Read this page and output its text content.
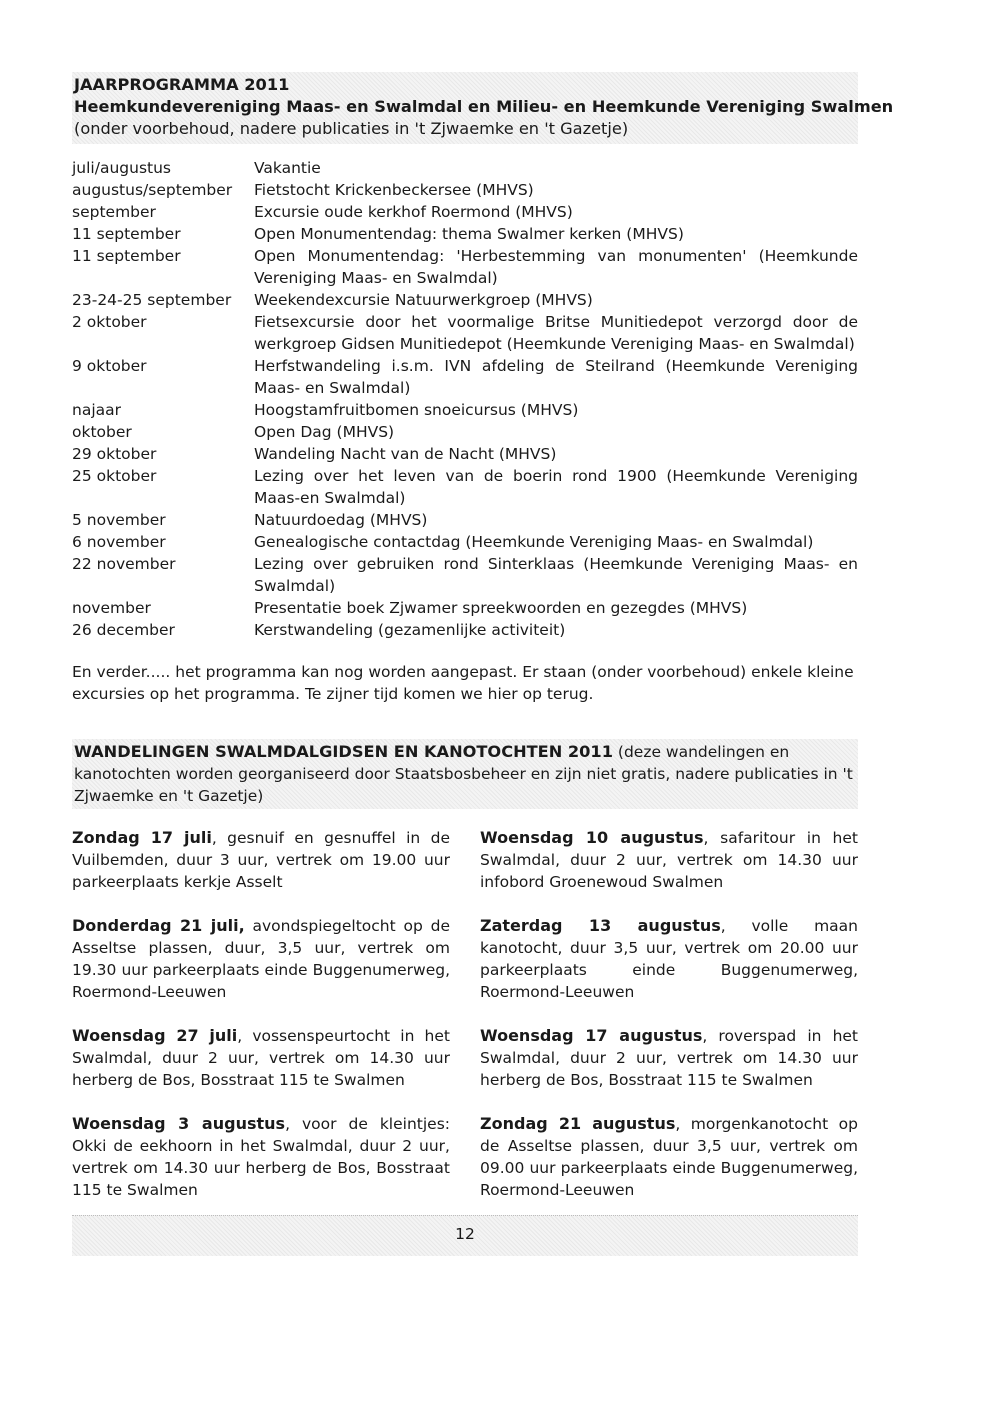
JAARPROGRAMMA 2011
Heemkundevereniging Maas- en Swalmdal en Milieu- en Heemkunde Vereniging Swalmen
(onder voorbehoud, nadere publicaties in 't Zjwaemke en 't Gazetje)
juli/augustus	Vakantie
augustus/september	Fietstocht Krickenbeckersee (MHVS)
september	Excursie oude kerkhof Roermond (MHVS)
11 september	Open Monumentendag: thema Swalmer kerken (MHVS)
11 september	Open Monumentendag: 'Herbestemming van monumenten' (Heemkunde Vereniging Maas- en Swalmdal)
23-24-25 september	Weekendexcursie Natuurwerkgroep (MHVS)
2 oktober	Fietsexcursie door het voormalige Britse Munitiedepot verzorgd door de werkgroep Gidsen Munitiedepot (Heemkunde Vereniging Maas- en Swalmdal)
9 oktober	Herfstwandeling i.s.m. IVN afdeling de Steilrand (Heemkunde Vereniging Maas- en Swalmdal)
najaar	Hoogstamfruitbomen snoeicursus (MHVS)
oktober	Open Dag (MHVS)
29 oktober	Wandeling Nacht van de Nacht (MHVS)
25 oktober	Lezing over het leven van de boerin rond 1900 (Heemkunde Vereniging Maas-en Swalmdal)
5 november	Natuurdoedag (MHVS)
6 november	Genealogische contactdag (Heemkunde Vereniging Maas- en Swalmdal)
22 november	Lezing over gebruiken rond Sinterklaas (Heemkunde Vereniging Maas- en Swalmdal)
november	Presentatie boek Zjwamer spreekwoorden en gezegdes (MHVS)
26 december	Kerstwandeling (gezamenlijke activiteit)
En verder..... het programma kan nog worden aangepast. Er staan (onder voorbehoud) enkele kleine excursies op het programma. Te zijner tijd komen we hier op terug.
WANDELINGEN SWALMDALGIDSEN EN KANOTOCHTEN 2011 (deze wandelingen en kanotochten worden georganiseerd door Staatsbosbeheer en zijn niet gratis, nadere publicaties in 't Zjwaemke en 't Gazetje)
Zondag 17 juli, gesnuif en gesnuffel in de Vuilbemden, duur 3 uur, vertrek om 19.00 uur parkeerplaats kerkje Asselt
Donderdag 21 juli, avondspiegeltocht op de Asseltse plassen, duur, 3,5 uur, vertrek om 19.30 uur parkeerplaats einde Buggenumerweg, Roermond-Leeuwen
Woensdag 27 juli, vossenspeurtocht in het Swalmdal, duur 2 uur, vertrek om 14.30 uur herberg de Bos, Bosstraat 115 te Swalmen
Woensdag 3 augustus, voor de kleintjes: Okki de eekhoorn in het Swalmdal, duur 2 uur, vertrek om 14.30 uur herberg de Bos, Bosstraat 115 te Swalmen
Woensdag 10 augustus, safaritour in het Swalmdal, duur 2 uur, vertrek om 14.30 uur infobord Groenewoud Swalmen
Zaterdag 13 augustus, volle maan kanotocht, duur 3,5 uur, vertrek om 20.00 uur parkeerplaats einde Buggenumerweg, Roermond-Leeuwen
Woensdag 17 augustus, roverspad in het Swalmdal, duur 2 uur, vertrek om 14.30 uur herberg de Bos, Bosstraat 115 te Swalmen
Zondag 21 augustus, morgenkanotocht op de Asseltse plassen, duur 3,5 uur, vertrek om 09.00 uur parkeerplaats einde Buggenumerweg, Roermond-Leeuwen
12
